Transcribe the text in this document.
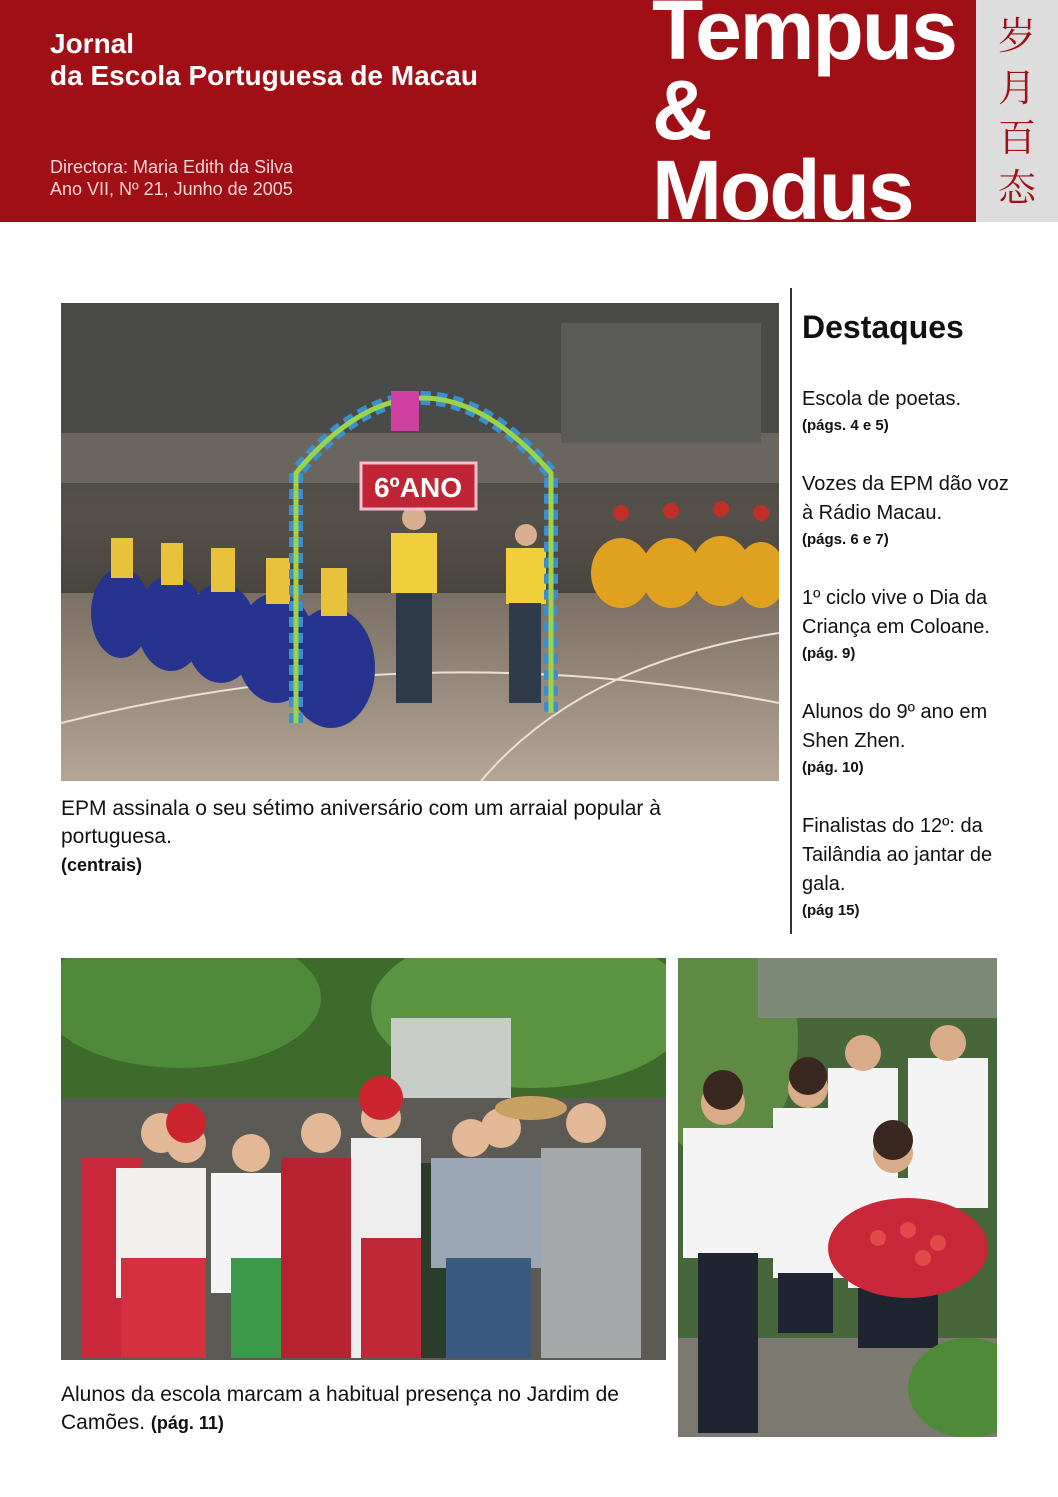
Jornal
da Escola Portuguesa de Macau
Directora: Maria Edith da Silva
Ano VII, Nº 21, Junho de 2005
Tempus
&
Modus
岁
月
百
态
6ºANO
EPM assinala o seu sétimo aniversário com um arraial popular à portuguesa.
(centrais)
Destaques
Escola de poetas.
(págs. 4 e 5)
Vozes da EPM dão voz à Rádio Macau.
(págs. 6 e 7)
1º ciclo vive o Dia da Criança em Coloane.
(pág. 9)
Alunos do 9º ano em Shen Zhen.
(pág. 10)
Finalistas do 12º: da Tailândia ao jantar de gala.
(pág 15)
Alunos da escola marcam a habitual presença no Jardim de Camões. (pág. 11)
